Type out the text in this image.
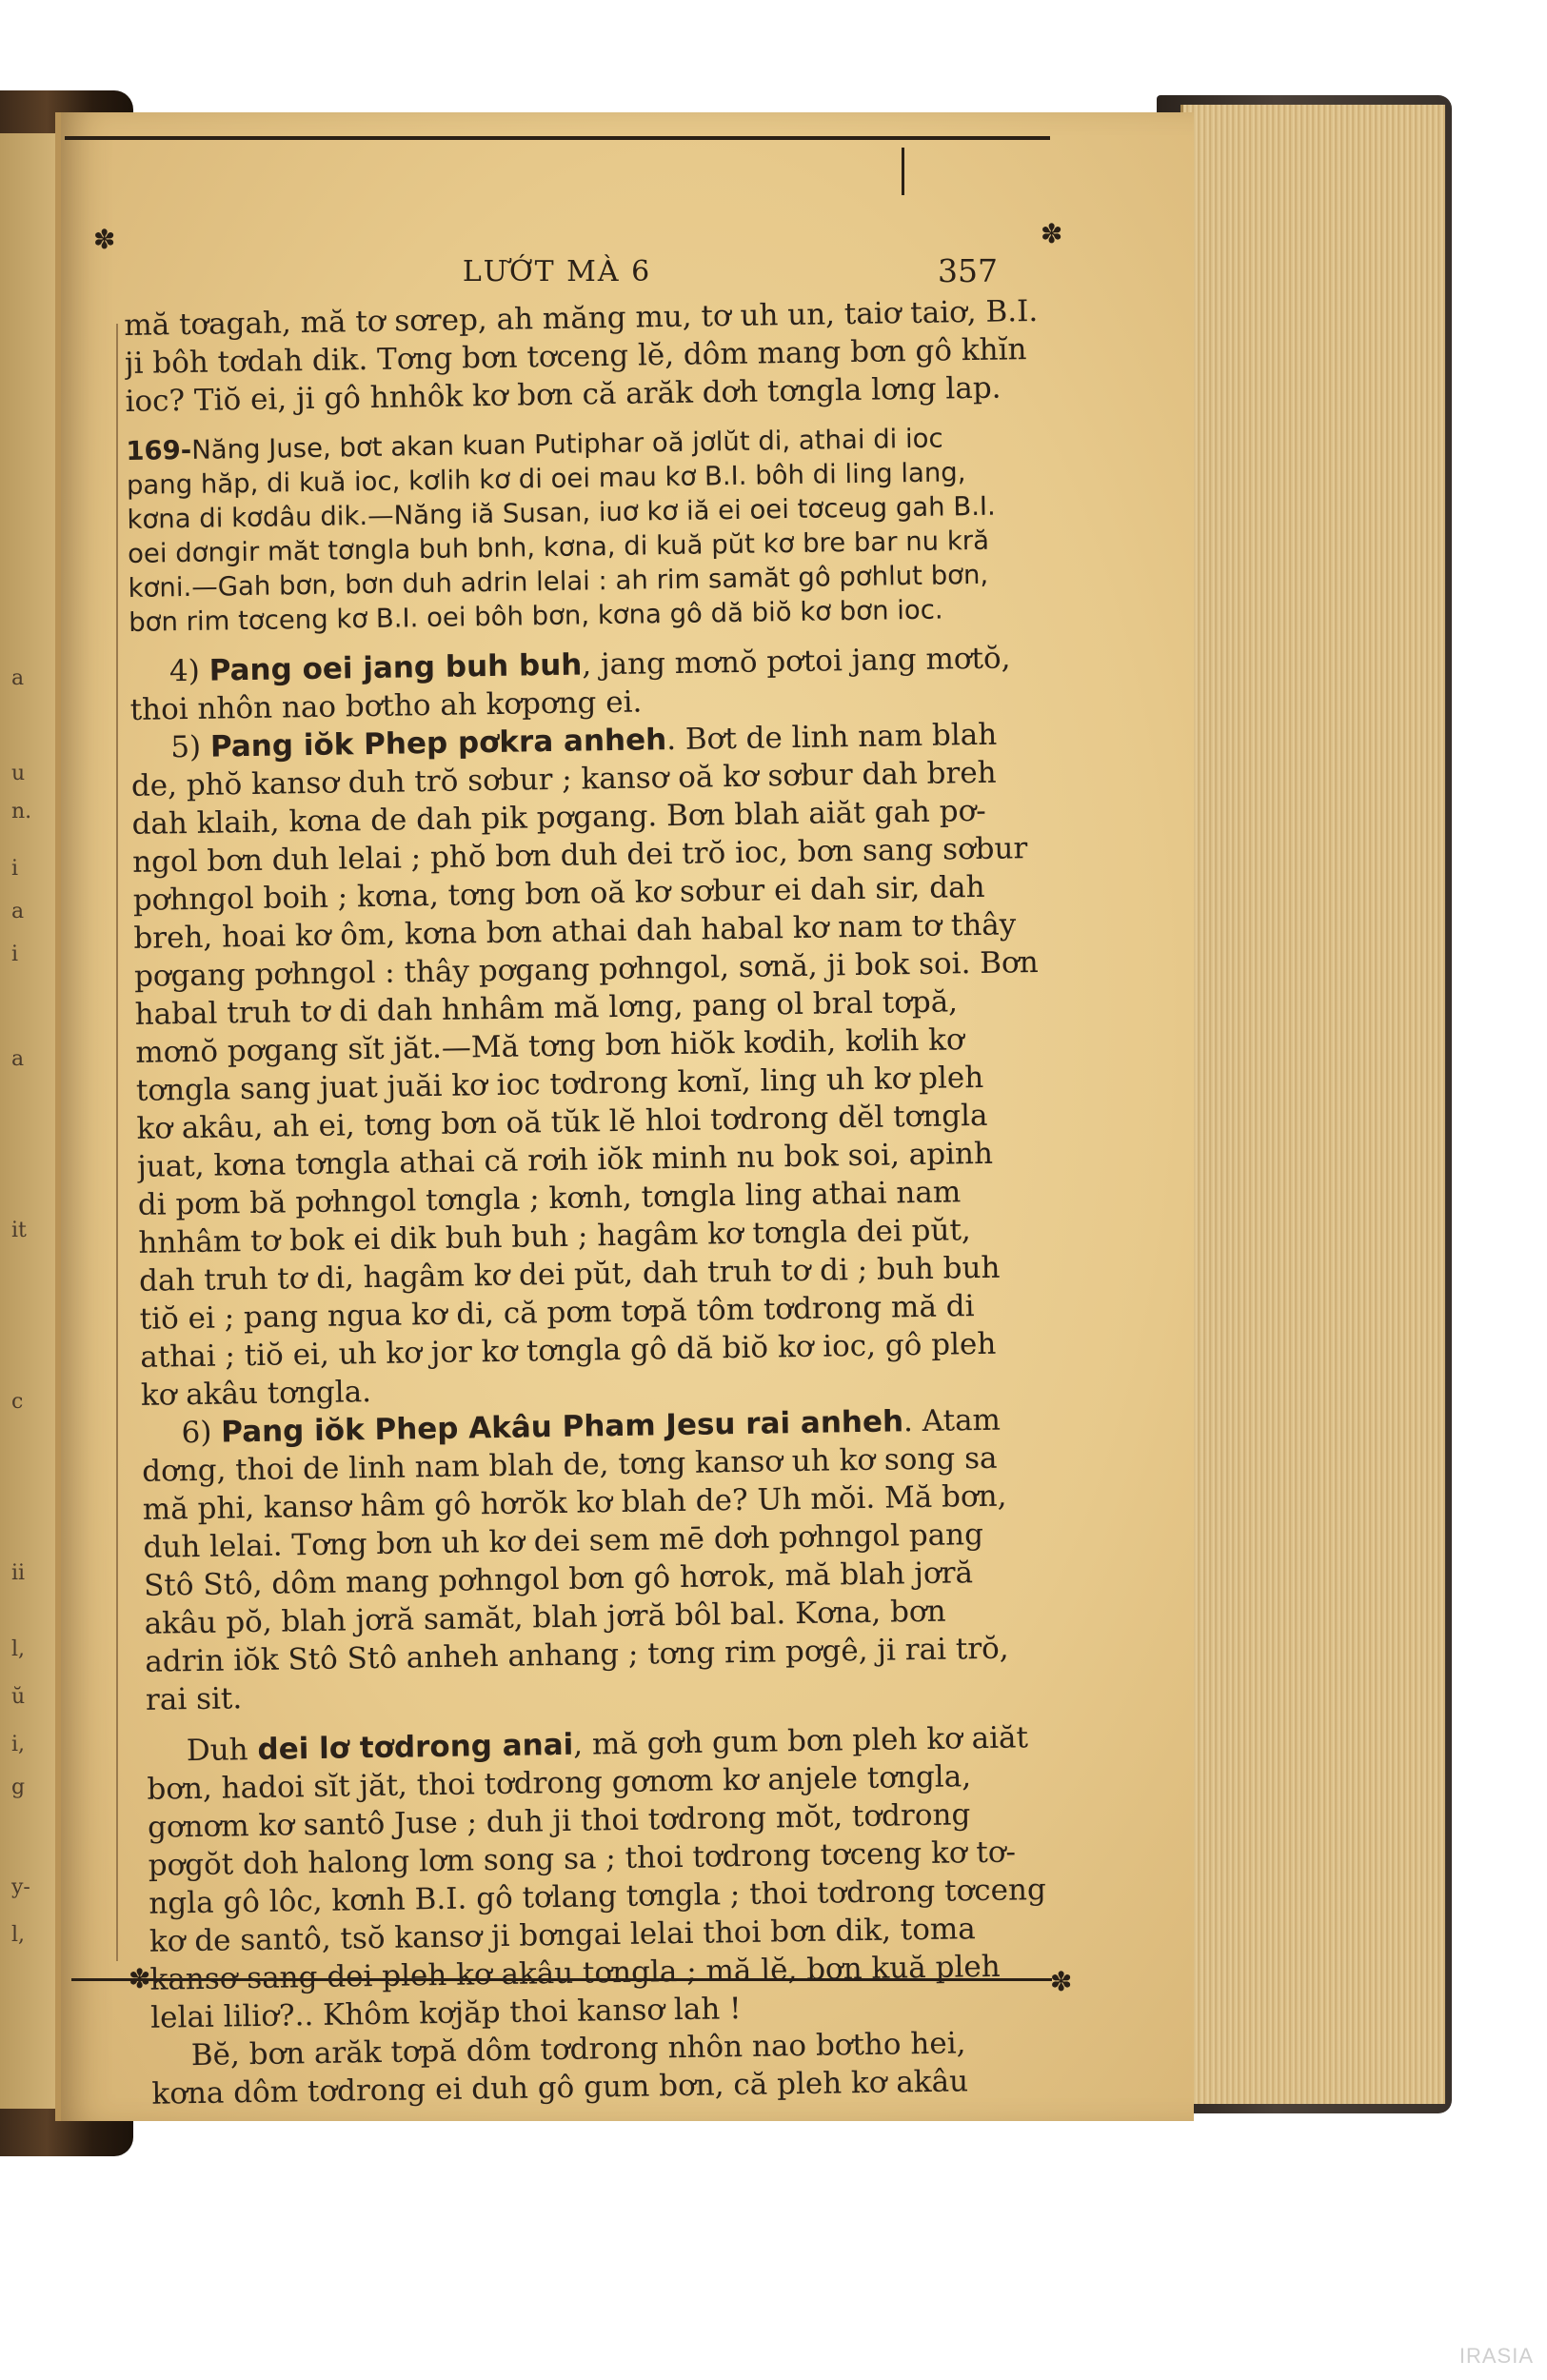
a
u
n.
i
a
i
a
it
c
ii
l,
ŭ
i,
g
y-
l,
✽	✽
✽	✽
LƯỚT MÀ 6	357
mă tơagah, mă tơ sơrep, ah măng mu, tơ uh un, taiơ taiơ, B.I.
ji bôh tơdah dik. Tơng bơn tơceng lĕ, dôm mang bơn gô khĭn
ioc? Tiŏ ei, ji gô hnhôk kơ bơn că arăk dơh tơngla lơng lap.
169-Năng Juse, bơt akan kuan Putiphar oă jơlŭt di, athai di ioc
pang hăp, di kuă ioc, kơlih kơ di oei mau kơ B.I. bôh di ling lang,
kơna di kơdâu dik.—Năng iă Susan, iuơ kơ iă ei oei tơceug gah B.I.
oei dơngir măt tơngla buh bnh, kơna, di kuă pŭt kơ bre bar nu kră
kơni.—Gah bơn, bơn duh adrin lelai : ah rim samăt gô pơhlut bơn,
bơn rim tơceng kơ B.I. oei bôh bơn, kơna gô dă biŏ kơ bơn ioc.
4) Pang oei jang buh buh, jang mơnŏ pơtoi jang mơtŏ,
thoi nhôn nao bơtho ah kơpơng ei.
5) Pang iŏk Phep pơkra anheh. Bơt de linh nam blah
de, phŏ kansơ duh trŏ sơbur ; kansơ oă kơ sơbur dah breh
dah klaih, kơna de dah pik pơgang. Bơn blah aiăt gah pơ-
ngol bơn duh lelai ; phŏ bơn duh dei trŏ ioc, bơn sang sơbur
pơhngol boih ; kơna, tơng bơn oă kơ sơbur ei dah sir, dah
breh, hoai kơ ôm, kơna bơn athai dah habal kơ nam tơ thây
pơgang pơhngol : thây pơgang pơhngol, sơnă, ji bok soi. Bơn
habal truh tơ di dah hnhâm mă lơng, pang ol bral tơpă,
mơnŏ pơgang sĭt jăt.—Mă tơng bơn hiŏk kơdih, kơlih kơ
tơngla sang juat juăi kơ ioc tơdrong kơnĭ, ling uh kơ pleh
kơ akâu, ah ei, tơng bơn oă tŭk lĕ hloi tơdrong dĕl tơngla
juat, kơna tơngla athai că rơih iŏk minh nu bok soi, apinh
di pơm bă pơhngol tơngla ; kơnh, tơngla ling athai nam
hnhâm tơ bok ei dik buh buh ; hagâm kơ tơngla dei pŭt,
dah truh tơ di, hagâm kơ dei pŭt, dah truh tơ di ; buh buh
tiŏ ei ; pang ngua kơ di, că pơm tơpă tôm tơdrong mă di
athai ; tiŏ ei, uh kơ jor kơ tơngla gô dă biŏ kơ ioc, gô pleh
kơ akâu tơngla.
6) Pang iŏk Phep Akâu Pham Jesu rai anheh. Atam
dơng, thoi de linh nam blah de, tơng kansơ uh kơ song sa
mă phi, kansơ hâm gô hơrŏk kơ blah de? Uh mŏi. Mă bơn,
duh lelai. Tơng bơn uh kơ dei sem mē dơh pơhngol pang
Stô Stô, dôm mang pơhngol bơn gô hơrok, mă blah jơră
akâu pŏ, blah jơră samăt, blah jơră bôl bal. Kơna, bơn
adrin iŏk Stô Stô anheh anhang ; tơng rim pơgê, ji rai trŏ,
rai sit.
Duh dei lơ tơdrong anai, mă gơh gum bơn pleh kơ aiăt
bơn, hadoi sĭt jăt, thoi tơdrong gơnơm kơ anjele tơngla,
gơnơm kơ santô Juse ; duh ji thoi tơdrong mŏt, tơdrong
pơgŏt doh halong lơm song sa ; thoi tơdrong tơceng kơ tơ-
ngla gô lôc, kơnh B.I. gô tơlang tơngla ; thoi tơdrong tơceng
kơ de santô, tsŏ kansơ ji bơngai lelai thoi bơn dik, toma
kansơ sang dei pleh kơ akâu tơngla ; mă lĕ, bơn kuă pleh
lelai liliơ?.. Khôm kơjăp thoi kansơ lah !
Bĕ, bơn arăk tơpă dôm tơdrong nhôn nao bơtho hei,
kơna dôm tơdrong ei duh gô gum bơn, că pleh kơ akâu
IRASIA
